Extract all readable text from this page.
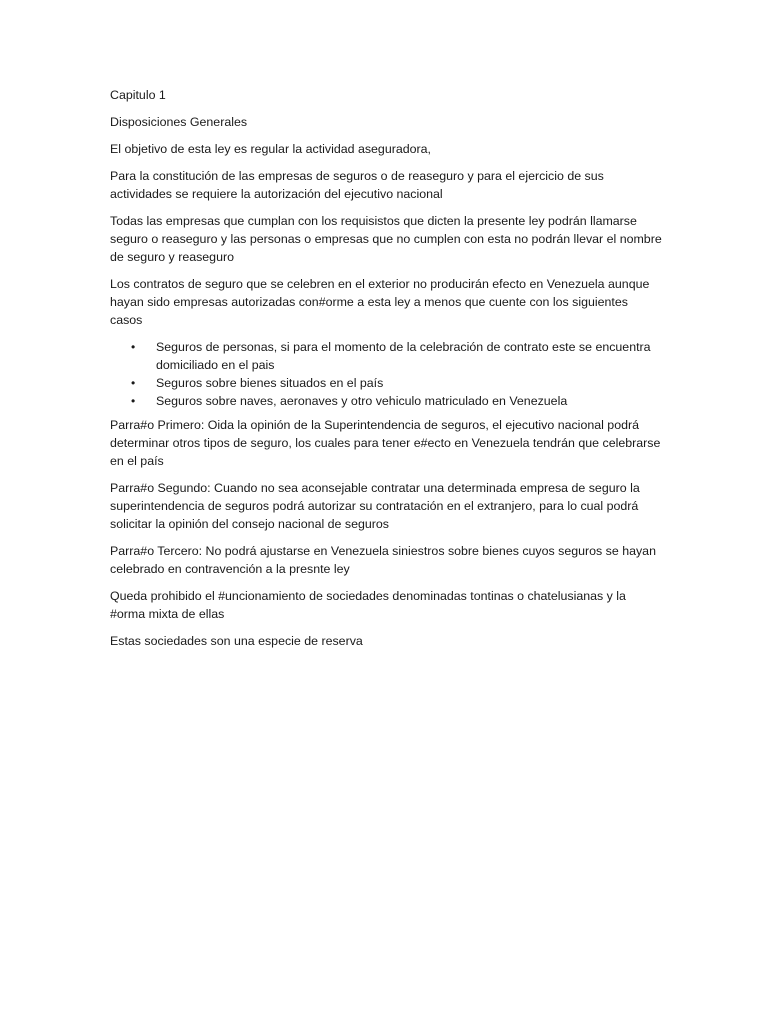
Capitulo 1

Disposiciones Generales

El objetivo de esta ley es regular la actividad aseguradora,

Para la constitución de las empresas de seguros o de reaseguro y para el ejercicio de sus actividades se requiere la autorización del ejecutivo nacional

Todas las empresas que cumplan con los requisistos que dicten la presente ley podrán llamarse seguro o reaseguro y las personas o empresas que no cumplen con esta no podrán llevar el nombre de seguro y reaseguro

Los contratos de seguro que se celebren en el exterior no producirán efecto en Venezuela aunque hayan sido empresas autorizadas con#orme a esta ley a menos que cuente con los siguientes casos

• Seguros de personas, si para el momento de la celebración de contrato este se encuentra domiciliado en el pais
• Seguros sobre bienes situados en el país
• Seguros sobre naves, aeronaves y otro vehiculo matriculado en Venezuela

Parra#o Primero: Oida la opinión de la Superintendencia de seguros, el ejecutivo nacional podrá determinar otros tipos de seguro, los cuales para tener e#ecto en Venezuela tendrán que celebrarse en el país

Parra#o Segundo: Cuando no sea aconsejable contratar una determinada empresa de seguro la superintendencia de seguros podrá autorizar su contratación en el extranjero, para lo cual podrá solicitar la opinión del consejo nacional de seguros

Parra#o Tercero: No podrá ajustarse en Venezuela siniestros sobre bienes cuyos seguros se hayan celebrado en contravención a la presnte ley

Queda prohibido el #uncionamiento de sociedades denominadas tontinas o chatelusianas y la #orma mixta de ellas

Estas sociedades son una especie de reserva
